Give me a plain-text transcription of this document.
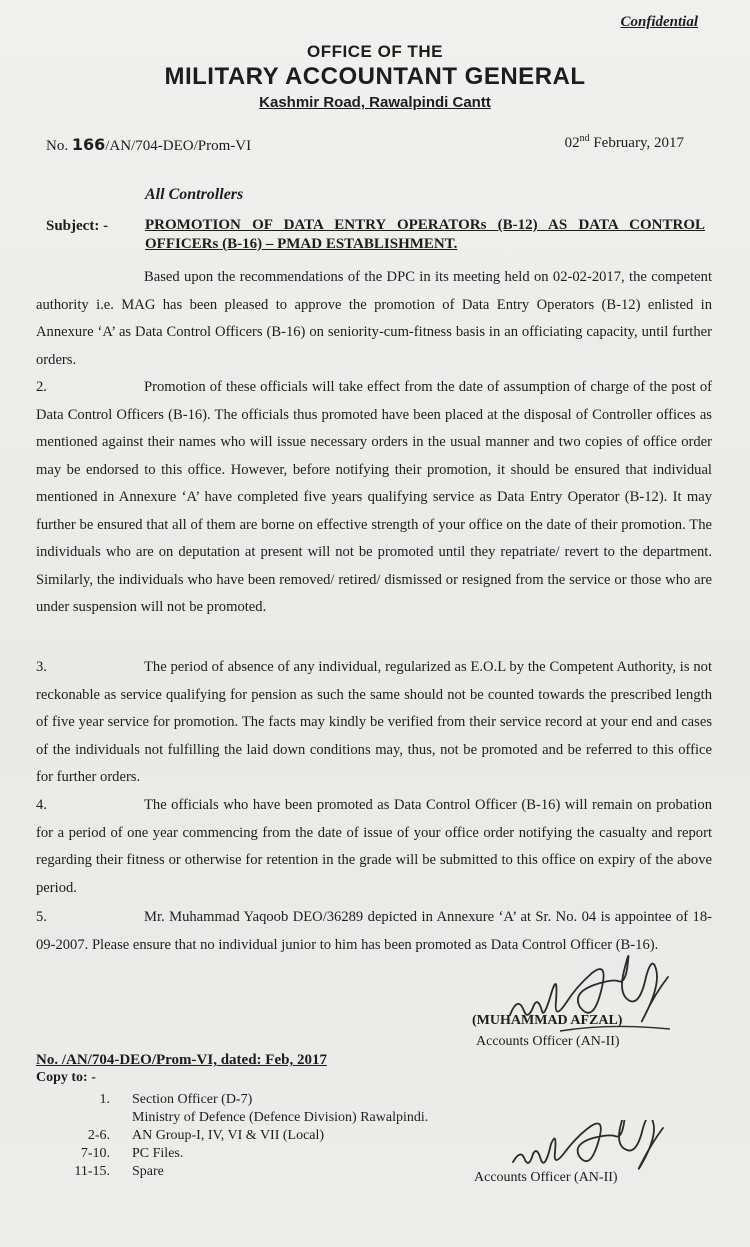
Confidential
OFFICE OF THE
MILITARY ACCOUNTANT GENERAL
Kashmir Road, Rawalpindi Cantt
No. 166/AN/704-DEO/Prom-VI	02nd February, 2017
All Controllers
Subject: - PROMOTION OF DATA ENTRY OPERATORs (B-12) AS DATA CONTROL OFFICERs (B-16) – PMAD ESTABLISHMENT.

Based upon the recommendations of the DPC in its meeting held on 02-02-2017, the competent authority i.e. MAG has been pleased to approve the promotion of Data Entry Operators (B-12) enlisted in Annexure ‘A’ as Data Control Officers (B-16) on seniority-cum-fitness basis in an officiating capacity, until further orders.

2.	Promotion of these officials will take effect from the date of assumption of charge of the post of Data Control Officers (B-16). The officials thus promoted have been placed at the disposal of Controller offices as mentioned against their names who will issue necessary orders in the usual manner and two copies of office order may be endorsed to this office. However, before notifying their promotion, it should be ensured that individual mentioned in Annexure ‘A’ have completed five years qualifying service as Data Entry Operator (B-12). It may further be ensured that all of them are borne on effective strength of your office on the date of their promotion. The individuals who are on deputation at present will not be promoted until they repatriate/ revert to the department. Similarly, the individuals who have been removed/ retired/ dismissed or resigned from the service or those who are under suspension will not be promoted.

3.	The period of absence of any individual, regularized as E.O.L by the Competent Authority, is not reckonable as service qualifying for pension as such the same should not be counted towards the prescribed length of five year service for promotion. The facts may kindly be verified from their service record at your end and cases of the individuals not fulfilling the laid down conditions may, thus, not be promoted and be referred to this office for further orders.

4.	The officials who have been promoted as Data Control Officer (B-16) will remain on probation for a period of one year commencing from the date of issue of your office order notifying the casualty and report regarding their fitness or otherwise for retention in the grade will be submitted to this office on expiry of the above period.

5.	Mr. Muhammad Yaqoob DEO/36289 depicted in Annexure ‘A’ at Sr. No. 04 is appointee of 18-09-2007. Please ensure that no individual junior to him has been promoted as Data Control Officer (B-16).

(MUHAMMAD AFZAL)
Accounts Officer (AN-II)
No. /AN/704-DEO/Prom-VI, dated: Feb, 2017
Copy to: -
1.	Section Officer (D-7)
Ministry of Defence (Defence Division) Rawalpindi.
2-6.	AN Group-I, IV, VI & VII (Local)
7-10.	PC Files.
11-15.	Spare	Accounts Officer (AN-II)
